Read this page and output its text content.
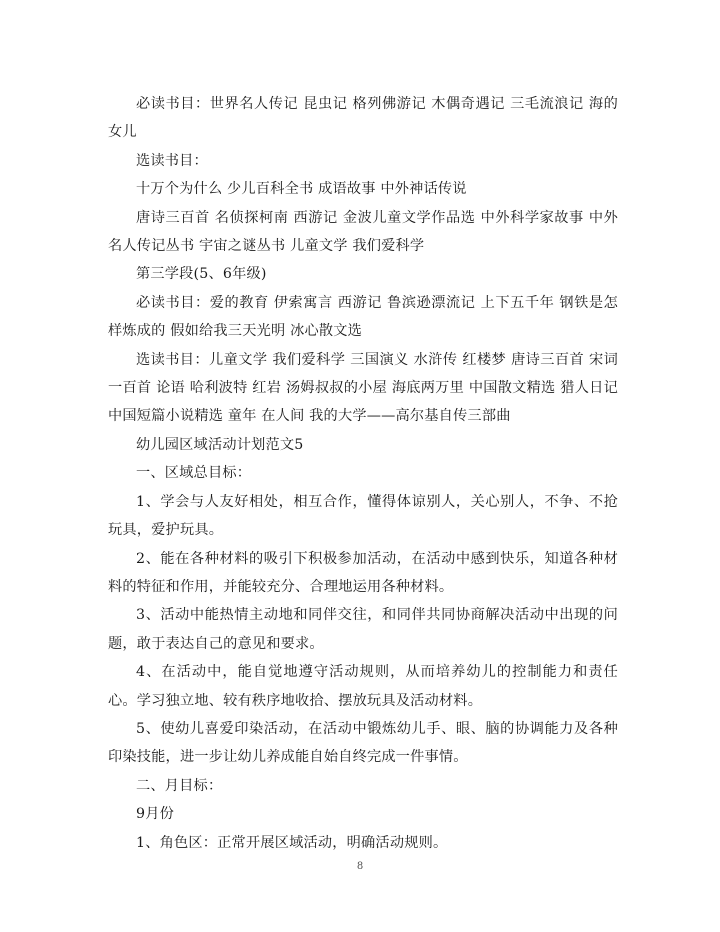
必读书目：世界名人传记 昆虫记 格列佛游记 木偶奇遇记 三毛流浪记 海的女儿

选读书目：

十万个为什么 少儿百科全书 成语故事 中外神话传说

唐诗三百首 名侦探柯南 西游记 金波儿童文学作品选 中外科学家故事 中外名人传记丛书 宇宙之谜丛书 儿童文学 我们爱科学

第三学段(5、6年级)

必读书目：爱的教育 伊索寓言 西游记 鲁滨逊漂流记 上下五千年 钢铁是怎样炼成的 假如给我三天光明 冰心散文选

选读书目：儿童文学 我们爱科学 三国演义 水浒传 红楼梦 唐诗三百首 宋词一百首 论语 哈利波特 红岩 汤姆叔叔的小屋 海底两万里 中国散文精选 猎人日记 中国短篇小说精选 童年 在人间 我的大学——高尔基自传三部曲

幼儿园区域活动计划范文5

一、区域总目标：

1、学会与人友好相处，相互合作，懂得体谅别人，关心别人，不争、不抢玩具，爱护玩具。

2、能在各种材料的吸引下积极参加活动，在活动中感到快乐，知道各种材料的特征和作用，并能较充分、合理地运用各种材料。

3、活动中能热情主动地和同伴交往，和同伴共同协商解决活动中出现的问题，敢于表达自己的意见和要求。

4、在活动中，能自觉地遵守活动规则，从而培养幼儿的控制能力和责任心。学习独立地、较有秩序地收拾、摆放玩具及活动材料。

5、使幼儿喜爱印染活动，在活动中锻炼幼儿手、眼、脑的协调能力及各种印染技能，进一步让幼儿养成能自始自终完成一件事情。

二、月目标：

9月份

1、角色区：正常开展区域活动，明确活动规则。

8
